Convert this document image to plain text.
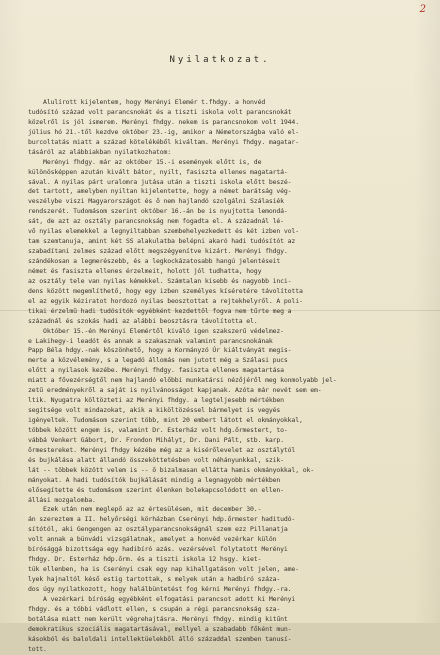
2
Nyilatkozat.
Alulírott kijelentem, hogy Merényi Elemér t.fhdgy. a honvéd
tudósító század volt parancsnokát és a tiszti iskola volt parancsnokát
közelről is jól ismerem. Merényi fhdgy. nekem is parancsnokom volt 1944.
július hó 21.-től kezdve október 23.-ig, amikor a Németországba való el-
burcoltatás miatt a század kötelékéből kiváltam. Merényi fhdgy. magatar-
tásáról az alábbiakban nyilatkozhatom:
Merényi fhdgy. már az október 15.-i események előtt is, de
különösképpen azután kivált bátor, nyilt, fasiszta ellenes magatartá-
sával. A nyilas párt uralomra jutása után a tiszti iskola előtt beszé-
det tartott, amelyben nyiltan kijelentette, hogy a német barátság vég-
veszélybe viszi Magyarországot és ő nem hajlandó szolgálni Szálasiék
rendszerét. Tudomásom szerint október 16.-án be is nyujtotta lemondá-
sát, de azt az osztály parancsnokság nem fogadta el. A századnál lé-
vő nyilas elemekkel a legnyiltabban szembehelyezkedett és két izben vol-
tam szemtanuja, amint két SS alakulatba belépni akaró hadi tudósítót az
szabadítani zelmes század előtt megszégyenítve kizárt. Merényi fhdgy.
szándékosan a legmerészebb, és a legkockázatosabb hangú jelentéseit
német és fasiszta ellenes érzelmeit, holott jól tudhatta, hogy
az osztály tele van nyilas kémekkel. Számtalan kisebb és nagyobb inci-
dens között megemlíthető, hogy egy izben személyes kíséretére távolította
el az egyik kéziratot hordozó nyilas beosztottat a rejtekhelyről. A poli-
tikai érzelmű hadi tudósítók egyébként kezdettől fogva nem tűrte meg a
századnál és szokás hadi az alábbi beosztásra távolította el.
Október 15.-én Merényi Elemértől kiváló igen szakszerű védelmez-
e Lakihegy-i leadót és annak a szakasznak valamint parancsnokának
Papp Béla hdgy.-nak köszönhető, hogy a Kormányzó Úr kiáltványát megis-
merte a közvélemény, s a legadó állomás nem jutott még a Szálasi pucs
előtt a nyilasok kezébe. Merényi fhdgy. fasiszta ellenes magatartása
miatt a fővezérségtől nem hajlandó előbbi munkatársi nézőjéről meg konmolyabb jel-
zetű eredményekről a saját is nyilvánosságot kapjanak. Azóta már nevét sem em-
ltik. Nyugatra költözteti az Merényi fhdgy. a legteljesebb mértékben
segítsége volt mindazokat, akik a kiköltözéssel bármelyet is vegyés
igényeltek. Tudomásom szerint több, mint 20 embert látott el okmányokkal,
többek között engem is, valamint Dr. Esterház volt hdg.őrmestert, to-
vábbá Venkert Gábort, Dr. Frondon Mihályt, Dr. Dani Pált, stb. karp.
őrmestereket. Merényi fhdgy kézébe még az a kisérőlevelet az osztálytól
és bujkálása alatt állandó összeköttetésben volt néhányunkkal, szik-
lát -- többek között velem is -- ő bizalmasan ellátta hamis okmányokkal, ok-
mányokat. A hadi tudósítók bujkálását mindig a legnagyobb mértékben
elősegítette és tudomásom szerint élenken bolekapcsolódott en ellen-
állási mozgalomba.
Ezek után nem meglepő az az értesülésem, mit december 30.-
án szereztem a II. helyőrségi körházban Cserényi hdp.őrmester haditudó-
sítótól, aki Gengengen az osztályparancsnokságnál szem ezz Pillanatja
volt annak a bünvádi vizsgálatnak, amelyet a honvéd vezérkar külön
bírósággá bizottsága egy hadibíró azás. vezérsével folytatott Merényi
fhdgy. Dr. Esterház hdp.őrm. és a tiszti iskola 12 hsgy. kiet-
tük ellenben, ha is Cserényi csak egy nap kihallgatáson volt jelen, ame-
lyek hajnaltól késő estig tartottak, s melyek után a hadbíró száza-
dos úgy nyilatkozott, hogy halálbüntetést fog kérni Merényi fhdgy.-ra.
A vezérkari bíróság egyébként elfogatási parancsot adott ki Merényi
fhdgy. és a többi vádlott ellen, s csupán a régi parancsnokság sza-
botálása miatt nem került végrehajtásra. Merényi fhdgy. mindig kitűnt
demokratikus szociális magatartásával, mellyel a szabadabb főként mun-
kásokból és baloldali intellektüelekből álló századdal szemben tanusí-
tott.
